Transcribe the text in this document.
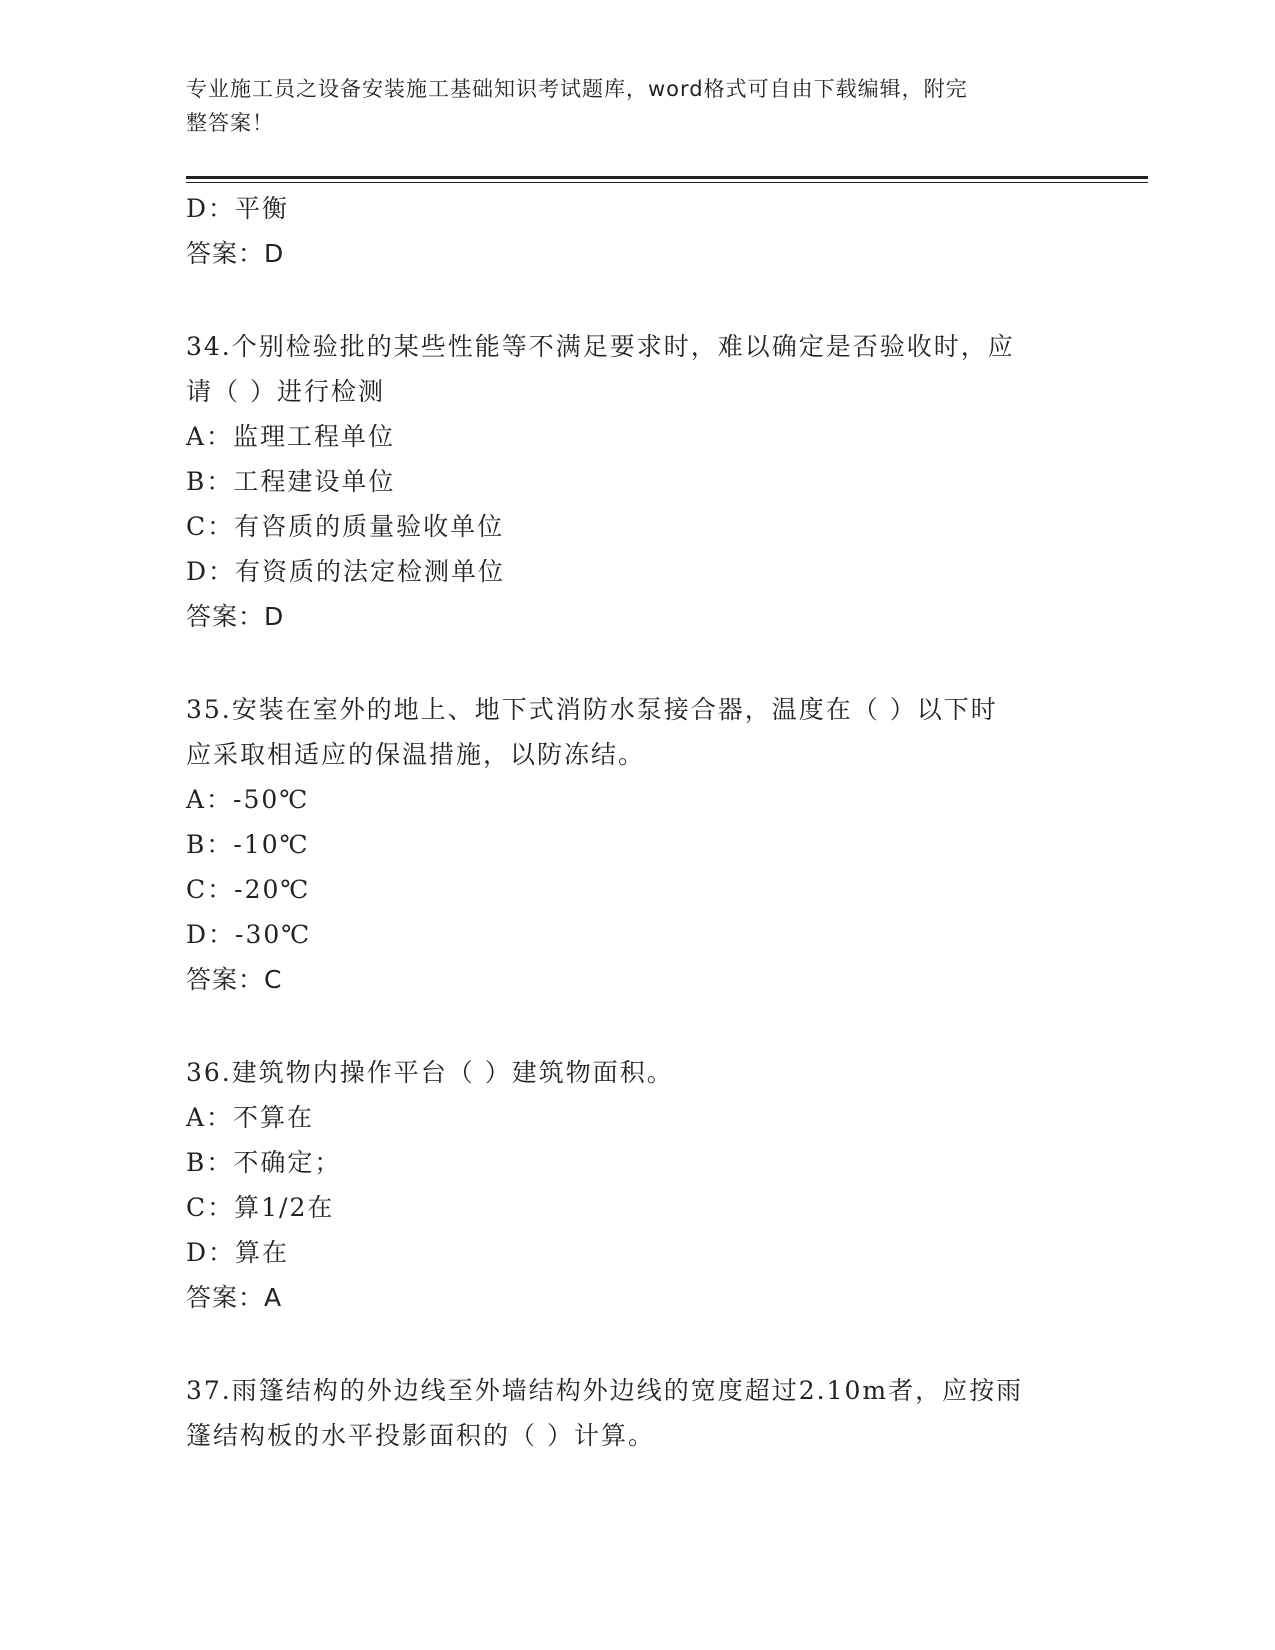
专业施工员之设备安装施工基础知识考试题库，word格式可自由下载编辑，附完
整答案！
D：平衡
答案：D
34.个别检验批的某些性能等不满足要求时，难以确定是否验收时，应
请（ ）进行检测
A：监理工程单位
B：工程建设单位
C：有咨质的质量验收单位
D：有资质的法定检测单位
答案：D
35.安装在室外的地上、地下式消防水泵接合器，温度在（ ）以下时
应采取相适应的保温措施，以防冻结。
A：-50℃
B：-10℃
C：-20℃
D：-30℃
答案：C
36.建筑物内操作平台（ ）建筑物面积。
A：不算在
B：不确定；
C：算1/2在
D：算在
答案：A
37.雨篷结构的外边线至外墙结构外边线的宽度超过2.10m者，应按雨
篷结构板的水平投影面积的（ ）计算。
